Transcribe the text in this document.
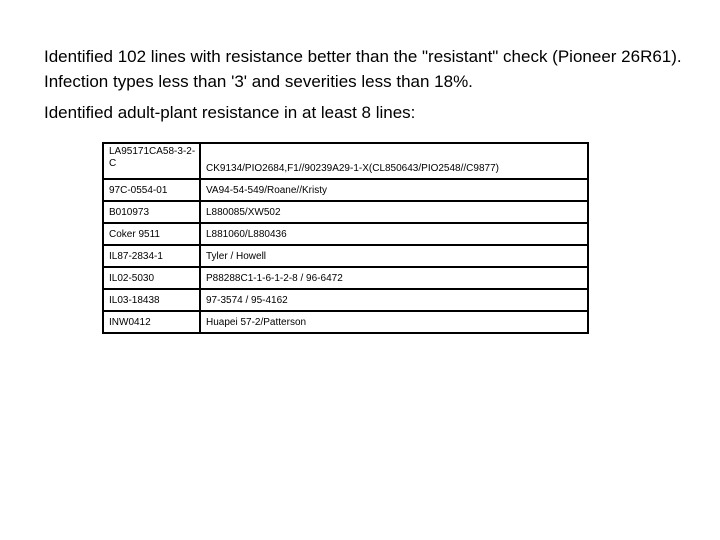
Identified 102 lines with resistance better than the "resistant" check (Pioneer 26R61). Infection types less than '3' and severities less than 18%.

Identified adult-plant resistance in at least 8 lines:

LA95171CA58-3-2-C	CK9134/PIO2684,F1//90239A29-1-X(CL850643/PIO2548//C9877)
97C-0554-01	VA94-54-549/Roane//Kristy
B010973	L880085/XW502
Coker 9511	L881060/L880436
IL87-2834-1	Tyler / Howell
IL02-5030	P88288C1-1-6-1-2-8 / 96-6472
IL03-18438	97-3574 / 95-4162
INW0412	Huapei 57-2/Patterson
